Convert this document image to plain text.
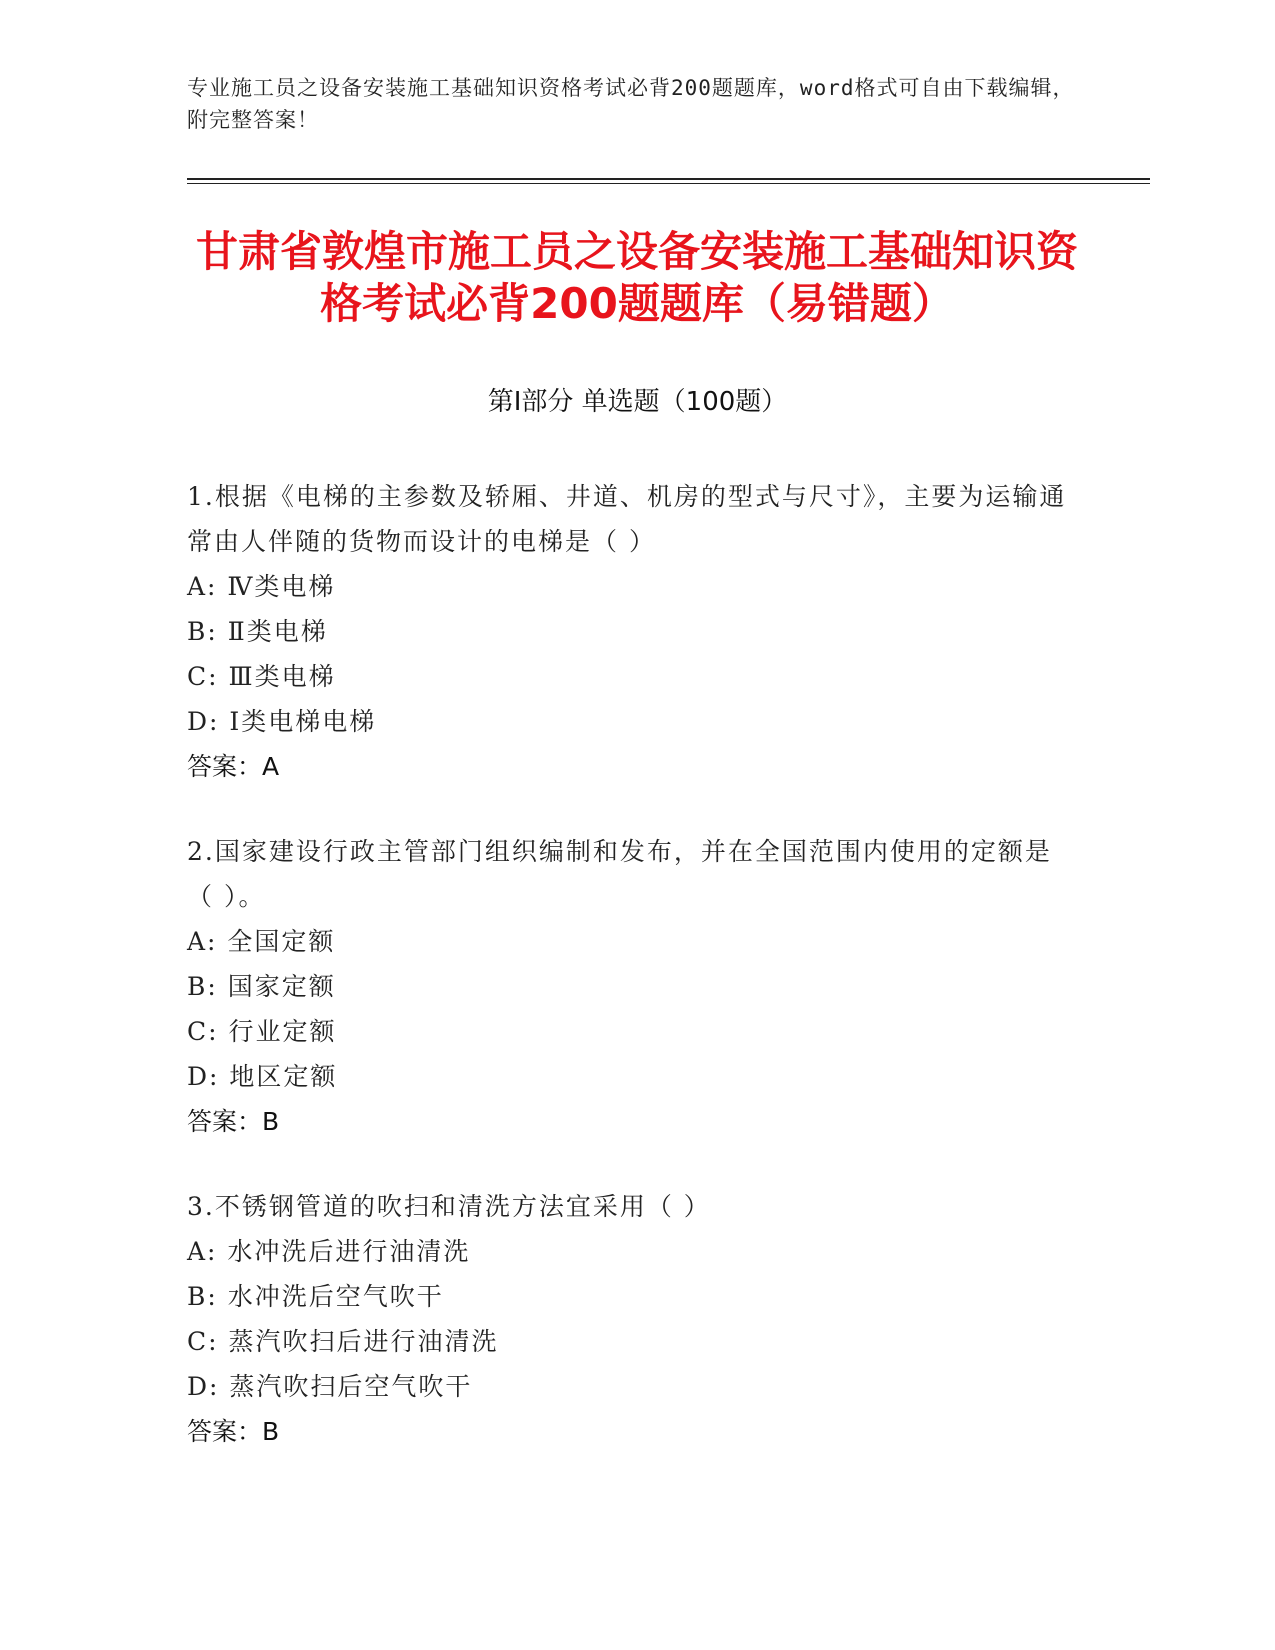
专业施工员之设备安装施工基础知识资格考试必背200题题库，word格式可自由下载编辑，附完整答案！
甘肃省敦煌市施工员之设备安装施工基础知识资格考试必背200题题库（易错题）
第Ⅰ部分 单选题（100题）
1.根据《电梯的主参数及轿厢、井道、机房的型式与尺寸》，主要为运输通常由人伴随的货物而设计的电梯是（ ）
A: Ⅳ类电梯
B: Ⅱ类电梯
C: Ⅲ类电梯
D: Ⅰ类电梯电梯
答案：A
2.国家建设行政主管部门组织编制和发布，并在全国范围内使用的定额是（ ）。
A: 全国定额
B: 国家定额
C: 行业定额
D: 地区定额
答案：B
3.不锈钢管道的吹扫和清洗方法宜采用（ ）
A: 水冲洗后进行油清洗
B: 水冲洗后空气吹干
C: 蒸汽吹扫后进行油清洗
D: 蒸汽吹扫后空气吹干
答案：B
